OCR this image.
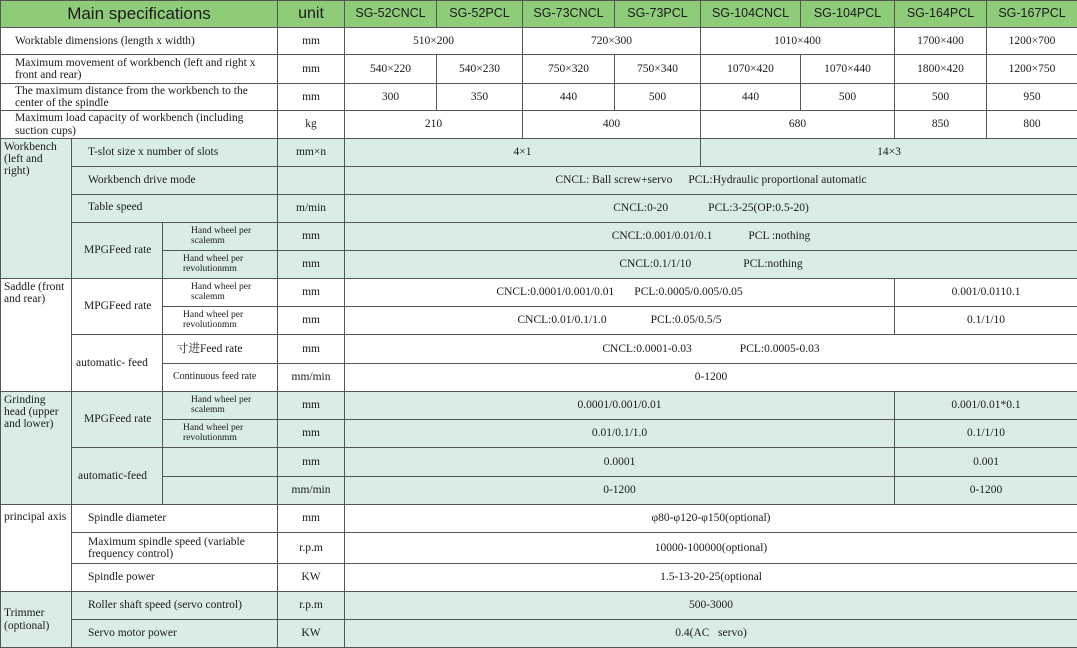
Main specifications			unit	SG-52CNCL	SG-52PCL	SG-73CNCL	SG-73PCL	SG-104CNCL	SG-104PCL	SG-164PCL	SG-167PCL
Worktable dimensions (length x width)			mm	510×200		720×300		1010×400		1700×400	1200×700
Maximum movement of workbench (left and right x front and rear)			mm	540×220	540×230	750×320	750×340	1070×420	1070×440	1800×420	1200×750
The maximum distance from the workbench to the center of the spindle			mm	300	350	440	500	440	500	500	950
Maximum load capacity of workbench (including suction cups)			kg	210		400		680		850	800
Workbench (left and right)	T-slot size x number of slots		mm×n	4×1				14×3			
	Workbench drive mode			CNCL: Ball screw+servo PCL:Hydraulic proportional automatic							
	Table speed		m/min	CNCL:0-20 PCL:3-25(OP:0.5-20)							
	MPGFeed rate	Hand wheel per scalemm	mm	CNCL:0.001/0.01/0.1 PCL :nothing							
		Hand wheel per revolutionmm	mm	CNCL:0.1/1/10 PCL:nothing							
Saddle (front and rear)	MPGFeed rate	Hand wheel per scalemm	mm	CNCL:0.0001/0.001/0.01 PCL:0.0005/0.005/0.05						0.001/0.0110.1	
		Hand wheel per revolutionmm	mm	CNCL:0.01/0.1/1.0 PCL:0.05/0.5/5						0.1/1/10	
	automatic- feed	寸进Feed rate	mm	CNCL:0.0001-0.03 PCL:0.0005-0.03							
		Continuous feed rate	mm/min	0-1200							
Grinding head (upper and lower)	MPGFeed rate	Hand wheel per scalemm	mm	0.0001/0.001/0.01						0.001/0.01*0.1	
		Hand wheel per revolutionmm	mm	0.01/0.1/1.0						0.1/1/10	
	automatic-feed		mm	0.0001						0.001	
			mm/min	0-1200						0-1200	
principal axis	Spindle diameter		mm	φ80-φ120-φ150(optional)							
	Maximum spindle speed (variable frequency control)		r.p.m	10000-100000(optional)							
	Spindle power		KW	1.5-13-20-25(optional							
Trimmer (optional)	Roller shaft speed (servo control)		r.p.m	500-3000							
	Servo motor power		KW	0.4(AC   servo)							
